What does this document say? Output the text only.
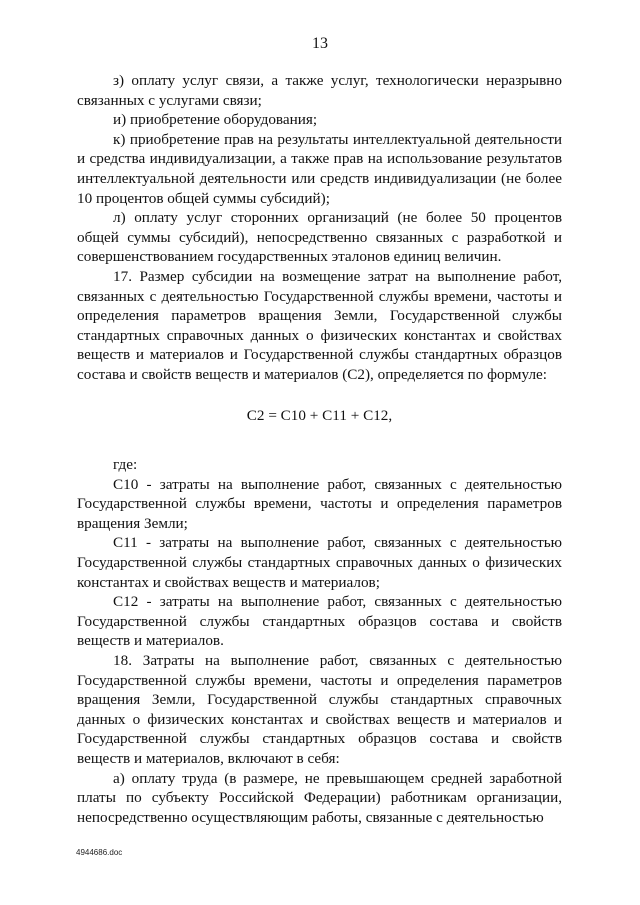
13

з) оплату услуг связи, а также услуг, технологически неразрывно связанных с услугами связи;

и) приобретение оборудования;

к) приобретение прав на результаты интеллектуальной деятельности и средства индивидуализации, а также прав на использование результатов интеллектуальной деятельности или средств индивидуализации (не более 10 процентов общей суммы субсидий);

л) оплату услуг сторонних организаций (не более 50 процентов общей суммы субсидий), непосредственно связанных с разработкой и совершенствованием государственных эталонов единиц величин.

17. Размер субсидии на возмещение затрат на выполнение работ, связанных с деятельностью Государственной службы времени, частоты и определения параметров вращения Земли, Государственной службы стандартных справочных данных о физических константах и свойствах веществ и материалов и Государственной службы стандартных образцов состава и свойств веществ и материалов (С2), определяется по формуле:

С2 = С10 + С11 + С12,

где:

С10 - затраты на выполнение работ, связанных с деятельностью Государственной службы времени, частоты и определения параметров вращения Земли;

С11 - затраты на выполнение работ, связанных с деятельностью Государственной службы стандартных справочных данных о физических константах и свойствах веществ и материалов;

С12 - затраты на выполнение работ, связанных с деятельностью Государственной службы стандартных образцов состава и свойств веществ и материалов.

18. Затраты на выполнение работ, связанных с деятельностью Государственной службы времени, частоты и определения параметров вращения Земли, Государственной службы стандартных справочных данных о физических константах и свойствах веществ и материалов и Государственной службы стандартных образцов состава и свойств веществ и материалов, включают в себя:

а) оплату труда (в размере, не превышающем средней заработной платы по субъекту Российской Федерации) работникам организации, непосредственно осуществляющим работы, связанные с деятельностью

4944686.doc
